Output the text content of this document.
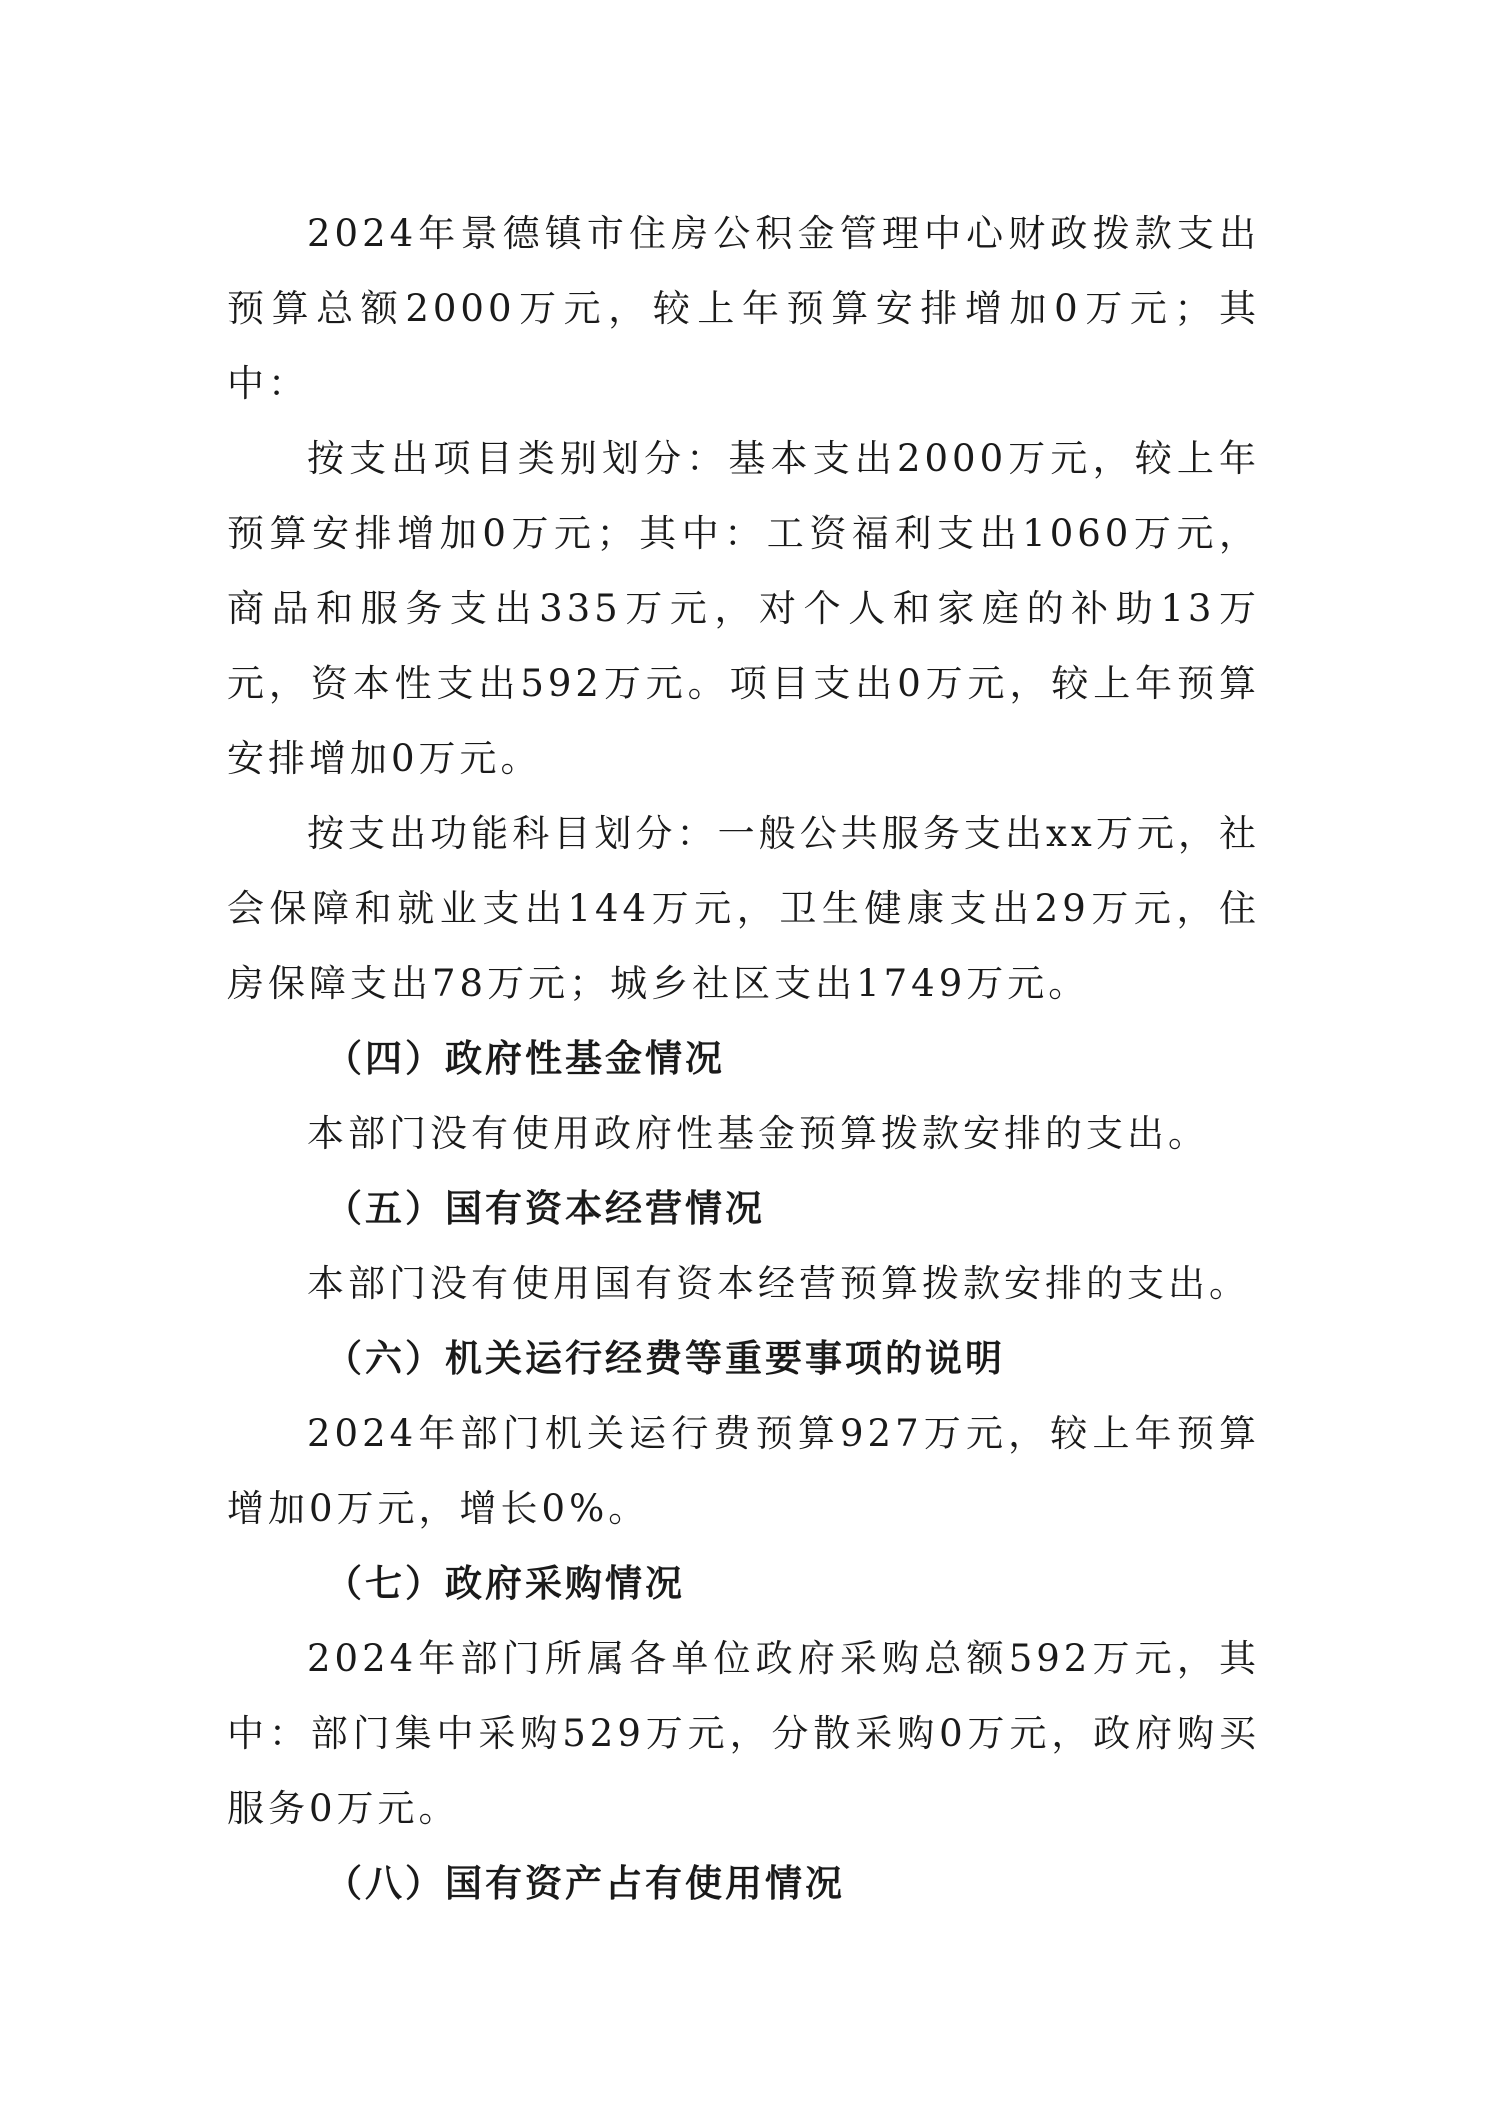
2024年景德镇市住房公积金管理中心财政拨款支出预算总额2000万元，较上年预算安排增加0万元；其中：

按支出项目类别划分：基本支出2000万元，较上年预算安排增加0万元；其中：工资福利支出1060万元，商品和服务支出335万元，对个人和家庭的补助13万元，资本性支出592万元。项目支出0万元，较上年预算安排增加0万元。

按支出功能科目划分：一般公共服务支出xx万元，社会保障和就业支出144万元，卫生健康支出29万元，住房保障支出78万元；城乡社区支出1749万元。

（四）政府性基金情况

本部门没有使用政府性基金预算拨款安排的支出。

（五）国有资本经营情况

本部门没有使用国有资本经营预算拨款安排的支出。

（六）机关运行经费等重要事项的说明

2024年部门机关运行费预算927万元，较上年预算增加0万元，增长0%。

（七）政府采购情况

2024年部门所属各单位政府采购总额592万元，其中：部门集中采购529万元，分散采购0万元，政府购买服务0万元。

（八）国有资产占有使用情况
